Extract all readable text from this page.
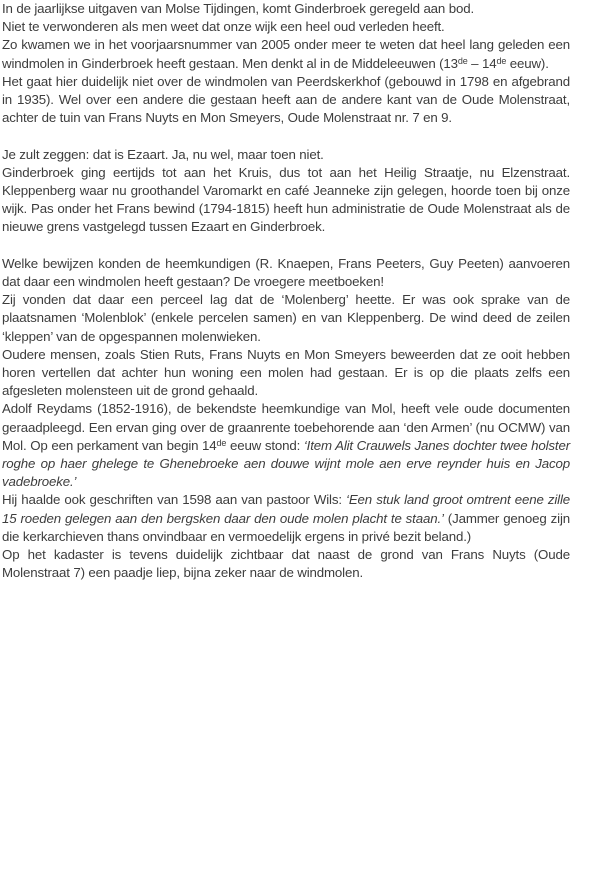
In de jaarlijkse uitgaven van Molse Tijdingen, komt Ginderbroek geregeld aan bod.
Niet te verwonderen als men weet dat onze wijk een heel oud verleden heeft.

Zo kwamen we in het voorjaarsnummer van 2005 onder meer te weten dat heel lang geleden een windmolen in Ginderbroek heeft gestaan. Men denkt al in de Middeleeuwen (13de – 14de eeuw).

Het gaat hier duidelijk niet over de windmolen van Peerdskerkhof (gebouwd in 1798 en afgebrand in 1935). Wel over een andere die gestaan heeft aan de andere kant van de Oude Molenstraat, achter de tuin van Frans Nuyts en Mon Smeyers, Oude Molenstraat nr. 7 en 9.

Je zult zeggen: dat is Ezaart. Ja, nu wel, maar toen niet.

Ginderbroek ging eertijds tot aan het Kruis, dus tot aan het Heilig Straatje, nu Elzenstraat. Kleppenberg waar nu groothandel Varomarkt en café Jeanneke zijn gelegen, hoorde toen bij onze wijk. Pas onder het Frans bewind (1794-1815) heeft hun administratie de Oude Molenstraat als de nieuwe grens vastgelegd tussen Ezaart en Ginderbroek.

Welke bewijzen konden de heemkundigen (R. Knaepen, Frans Peeters, Guy Peeten) aanvoeren dat daar een windmolen heeft gestaan? De vroegere meetboeken!

Zij vonden dat daar een perceel lag dat de ‘Molenberg’ heette. Er was ook sprake van de plaatsnamen ‘Molenblok’ (enkele percelen samen) en van Kleppenberg. De wind deed de zeilen ‘kleppen’ van de opgespannen molenwieken.

Oudere mensen, zoals Stien Ruts, Frans Nuyts en Mon Smeyers beweerden dat ze ooit hebben horen vertellen dat achter hun woning een molen had gestaan. Er is op die plaats zelfs een afgesleten molensteen uit de grond gehaald.

Adolf Reydams (1852-1916), de bekendste heemkundige van Mol, heeft vele oude documenten geraadpleegd. Een ervan ging over de graanrente toebehorende aan ‘den Armen’ (nu OCMW) van Mol. Op een perkament van begin 14de eeuw stond: ‘Item Alit Crauwels Janes dochter twee holster roghe op haer ghelege te Ghenebroeke aen douwe wijnt mole aen erve reynder huis en Jacop vadebroeke.’

Hij haalde ook geschriften van 1598 aan van pastoor Wils: ‘Een stuk land groot omtrent eene zille 15 roeden gelegen aan den bergsken daar den oude molen placht te staan.’ (Jammer genoeg zijn die kerkarchieven thans onvindbaar en vermoedelijk ergens in privé bezit beland.)

Op het kadaster is tevens duidelijk zichtbaar dat naast de grond van Frans Nuyts (Oude Molenstraat 7) een paadje liep, bijna zeker naar de windmolen.
